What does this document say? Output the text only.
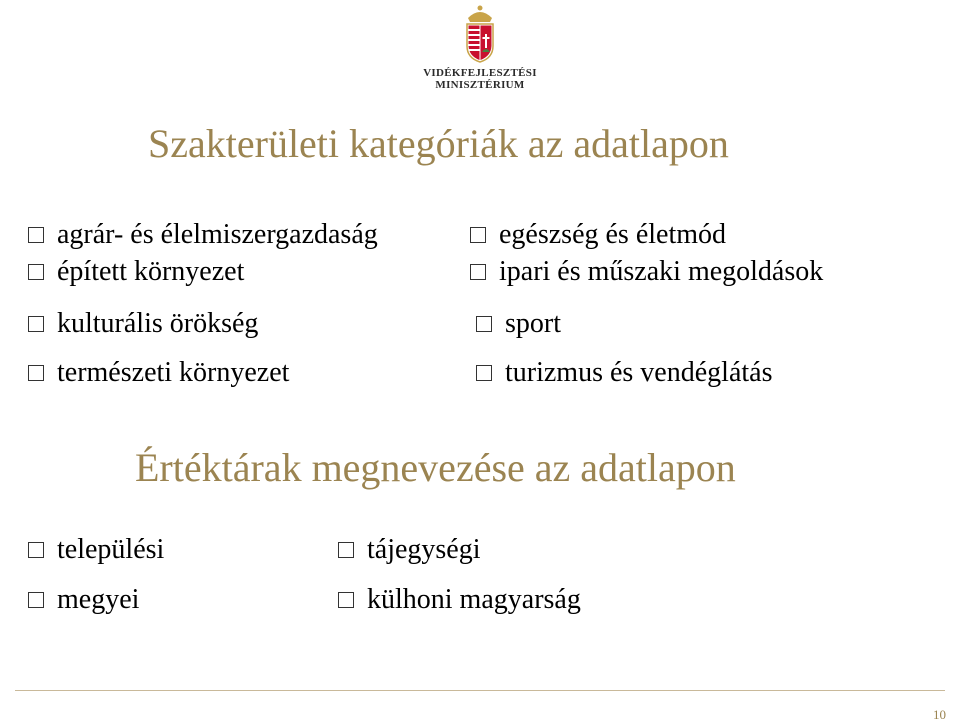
VIDÉKFEJLESZTÉSI
MINISZTÉRIUM
Szakterületi kategóriák az adatlapon
agrár- és élelmiszergazdaság
épített környezet
kulturális örökség
természeti környezet
egészség és életmód
ipari és műszaki megoldások
sport
turizmus és vendéglátás
Értéktárak megnevezése az adatlapon
települési
megyei
tájegységi
külhoni magyarság
10
